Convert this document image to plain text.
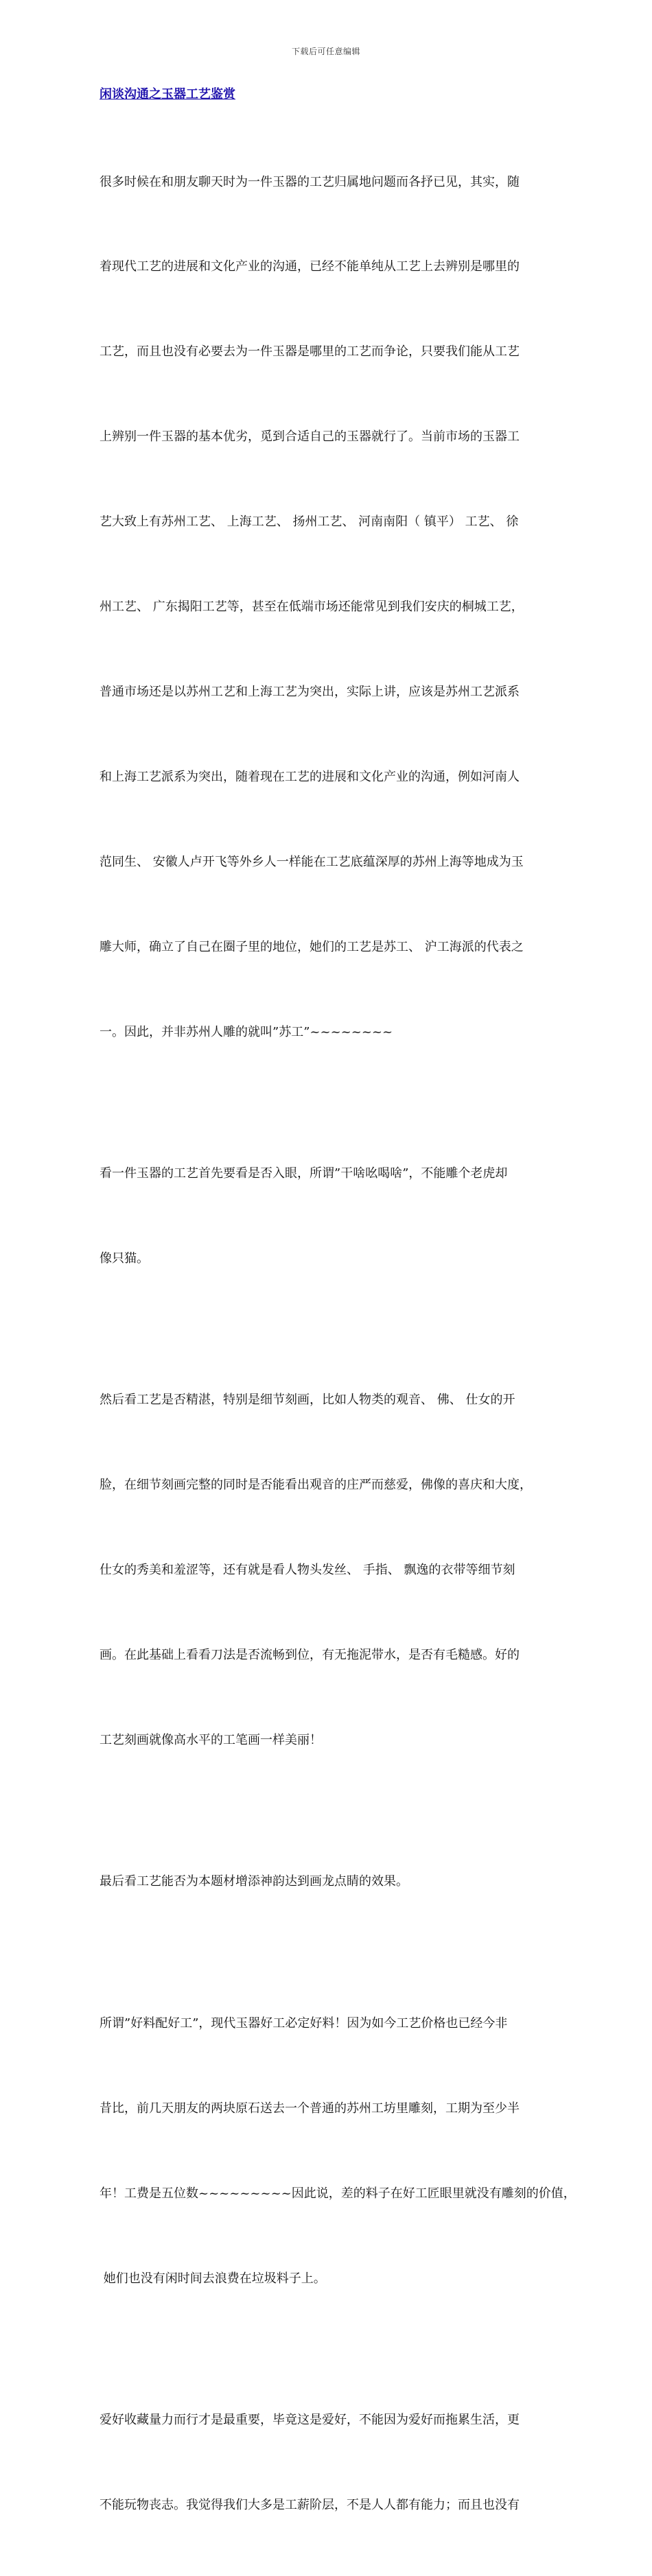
下载后可任意编辑
闲谈沟通之玉器工艺鉴赏

很多时候在和朋友聊天时为一件玉器的工艺归属地问题而各抒已见，其实，随

着现代工艺的进展和文化产业的沟通，已经不能单纯从工艺上去辨别是哪里的

工艺，而且也没有必要去为一件玉器是哪里的工艺而争论，只要我们能从工艺

上辨别一件玉器的基本优劣，觅到合适自己的玉器就行了。当前市场的玉器工

艺大致上有苏州工艺、 上海工艺、 扬州工艺、 河南南阳（ 镇平） 工艺、 徐

州工艺、 广东揭阳工艺等，甚至在低端市场还能常见到我们安庆的桐城工艺，

普通市场还是以苏州工艺和上海工艺为突出，实际上讲，应该是苏州工艺派系

和上海工艺派系为突出，随着现在工艺的进展和文化产业的沟通，例如河南人

范同生、 安徽人卢开飞等外乡人一样能在工艺底蕴深厚的苏州上海等地成为玉

雕大师，确立了自己在圈子里的地位，她们的工艺是苏工、 沪工海派的代表之

一。因此，并非苏州人雕的就叫”苏工”~~~~~~~~

看一件玉器的工艺首先要看是否入眼，所谓”干啥吆喝啥”，不能雕个老虎却

像只猫。

然后看工艺是否精湛，特别是细节刻画，比如人物类的观音、 佛、 仕女的开

脸，在细节刻画完整的同时是否能看出观音的庄严而慈爱，佛像的喜庆和大度，

仕女的秀美和羞涩等，还有就是看人物头发丝、 手指、 飘逸的衣带等细节刻

画。在此基础上看看刀法是否流畅到位，有无拖泥带水，是否有毛糙感。好的

工艺刻画就像高水平的工笔画一样美丽！

最后看工艺能否为本题材增添神韵达到画龙点睛的效果。

所谓”好料配好工”，现代玉器好工必定好料！因为如今工艺价格也已经今非

昔比，前几天朋友的两块原石送去一个普通的苏州工坊里雕刻，工期为至少半

年！工费是五位数~~~~~~~~~因此说，差的料子在好工匠眼里就没有雕刻的价值，

她们也没有闲时间去浪费在垃圾料子上。

爱好收藏量力而行才是最重要，毕竟这是爱好，不能因为爱好而拖累生活，更

不能玩物丧志。我觉得我们大多是工薪阶层，不是人人都有能力；而且也没有
